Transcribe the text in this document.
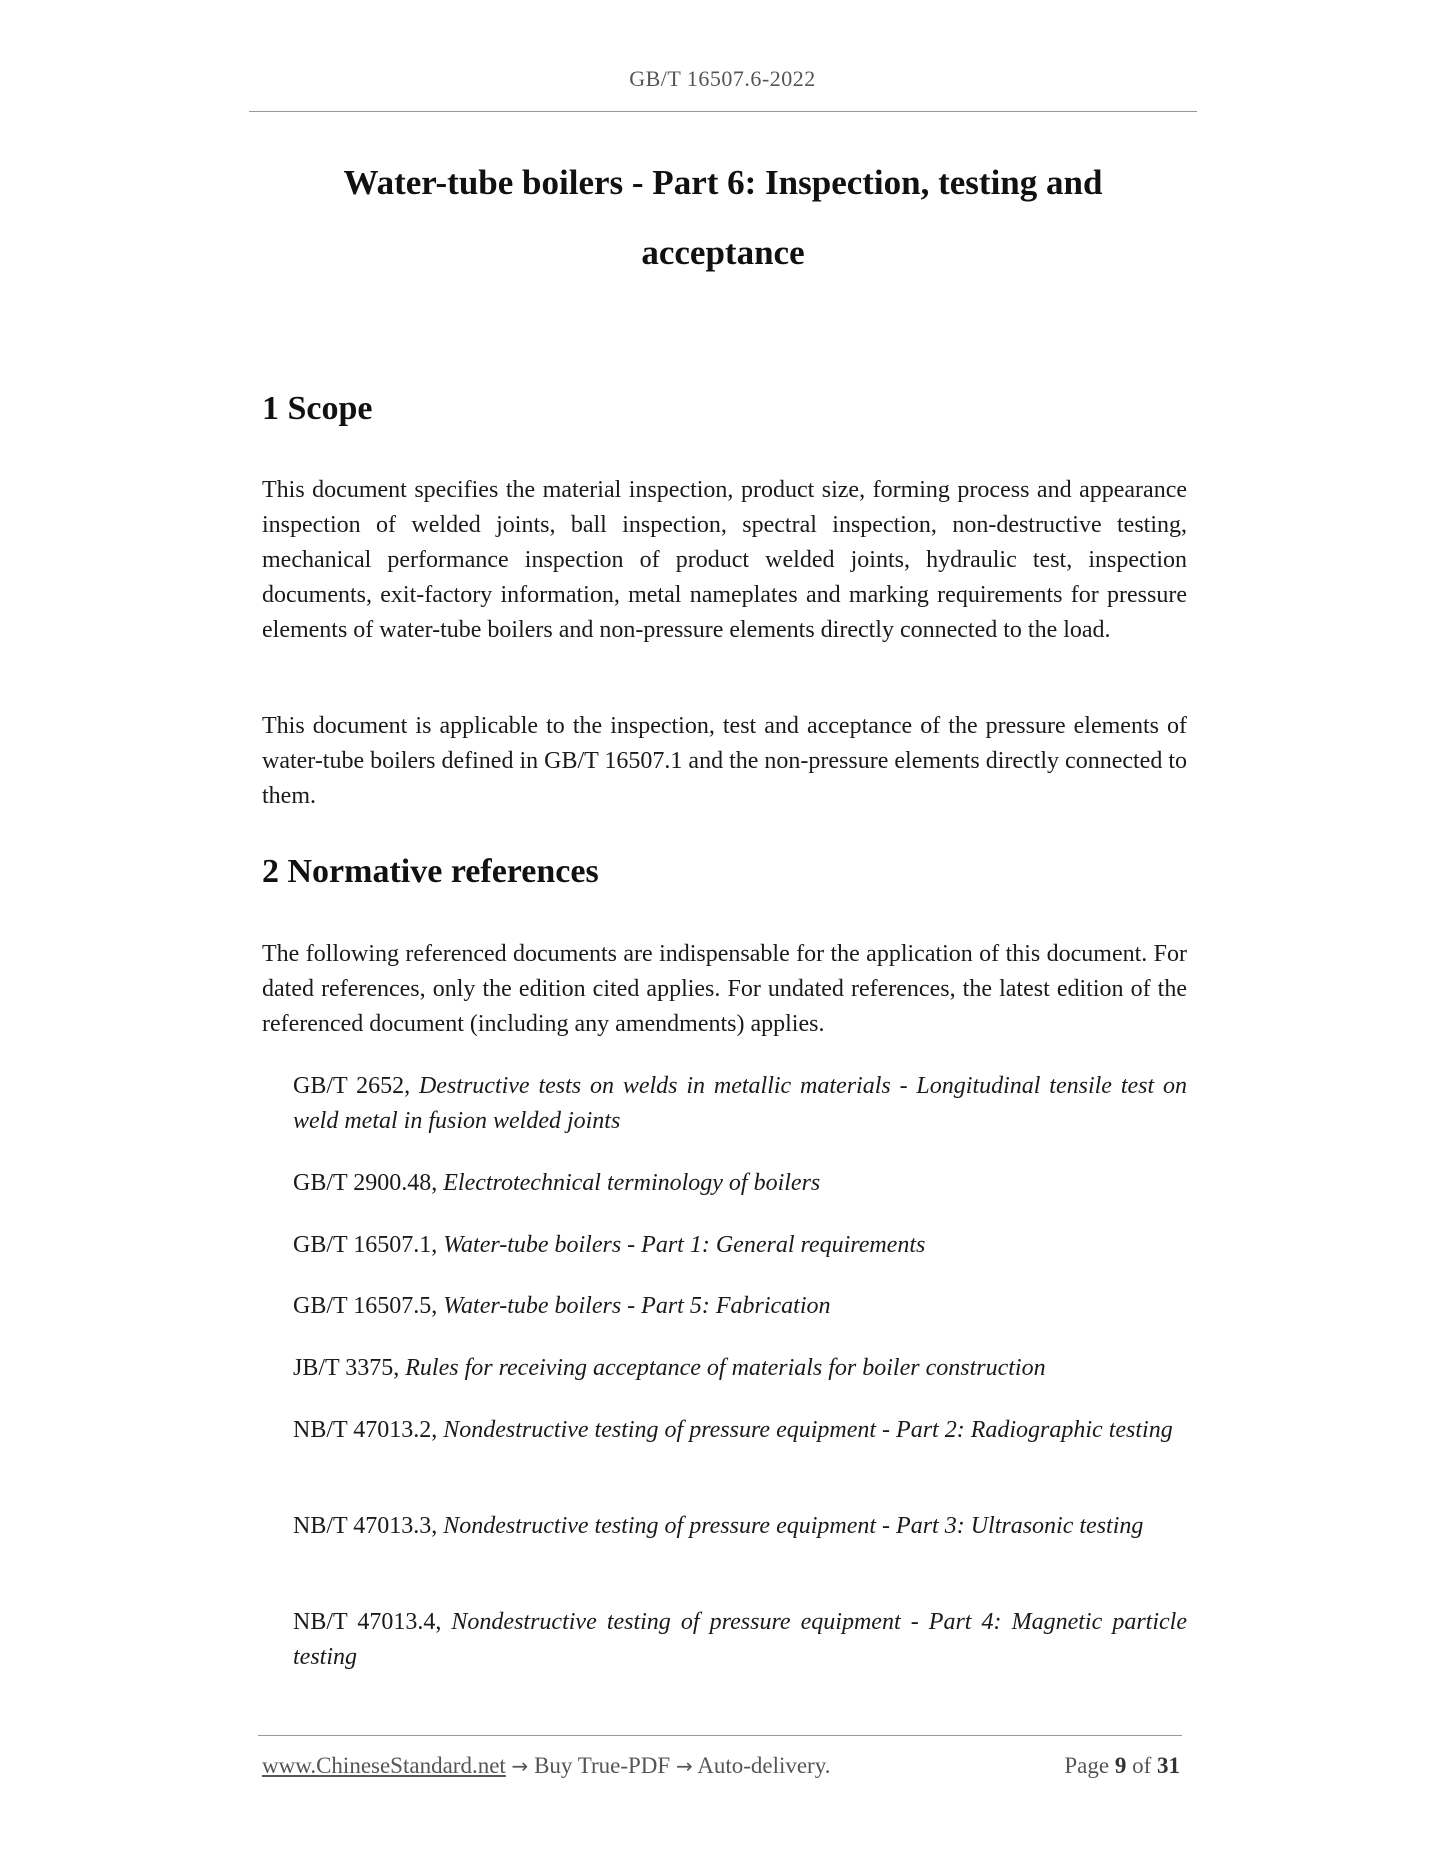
GB/T 16507.6-2022
Water-tube boilers - Part 6: Inspection, testing and
acceptance
1 Scope

This document specifies the material inspection, product size, forming process and appearance inspection of welded joints, ball inspection, spectral inspection, non-destructive testing, mechanical performance inspection of product welded joints, hydraulic test, inspection documents, exit-factory information, metal nameplates and marking requirements for pressure elements of water-tube boilers and non-pressure elements directly connected to the load.

This document is applicable to the inspection, test and acceptance of the pressure elements of water-tube boilers defined in GB/T 16507.1 and the non-pressure elements directly connected to them.

2 Normative references

The following referenced documents are indispensable for the application of this document. For dated references, only the edition cited applies. For undated references, the latest edition of the referenced document (including any amendments) applies.

GB/T 2652, Destructive tests on welds in metallic materials - Longitudinal tensile test on weld metal in fusion welded joints

GB/T 2900.48, Electrotechnical terminology of boilers

GB/T 16507.1, Water-tube boilers - Part 1: General requirements

GB/T 16507.5, Water-tube boilers - Part 5: Fabrication

JB/T 3375, Rules for receiving acceptance of materials for boiler construction

NB/T 47013.2, Nondestructive testing of pressure equipment - Part 2: Radiographic testing

NB/T 47013.3, Nondestructive testing of pressure equipment - Part 3: Ultrasonic testing

NB/T 47013.4, Nondestructive testing of pressure equipment - Part 4: Magnetic particle testing

www.ChineseStandard.net → Buy True-PDF → Auto-delivery.	Page 9 of 31
